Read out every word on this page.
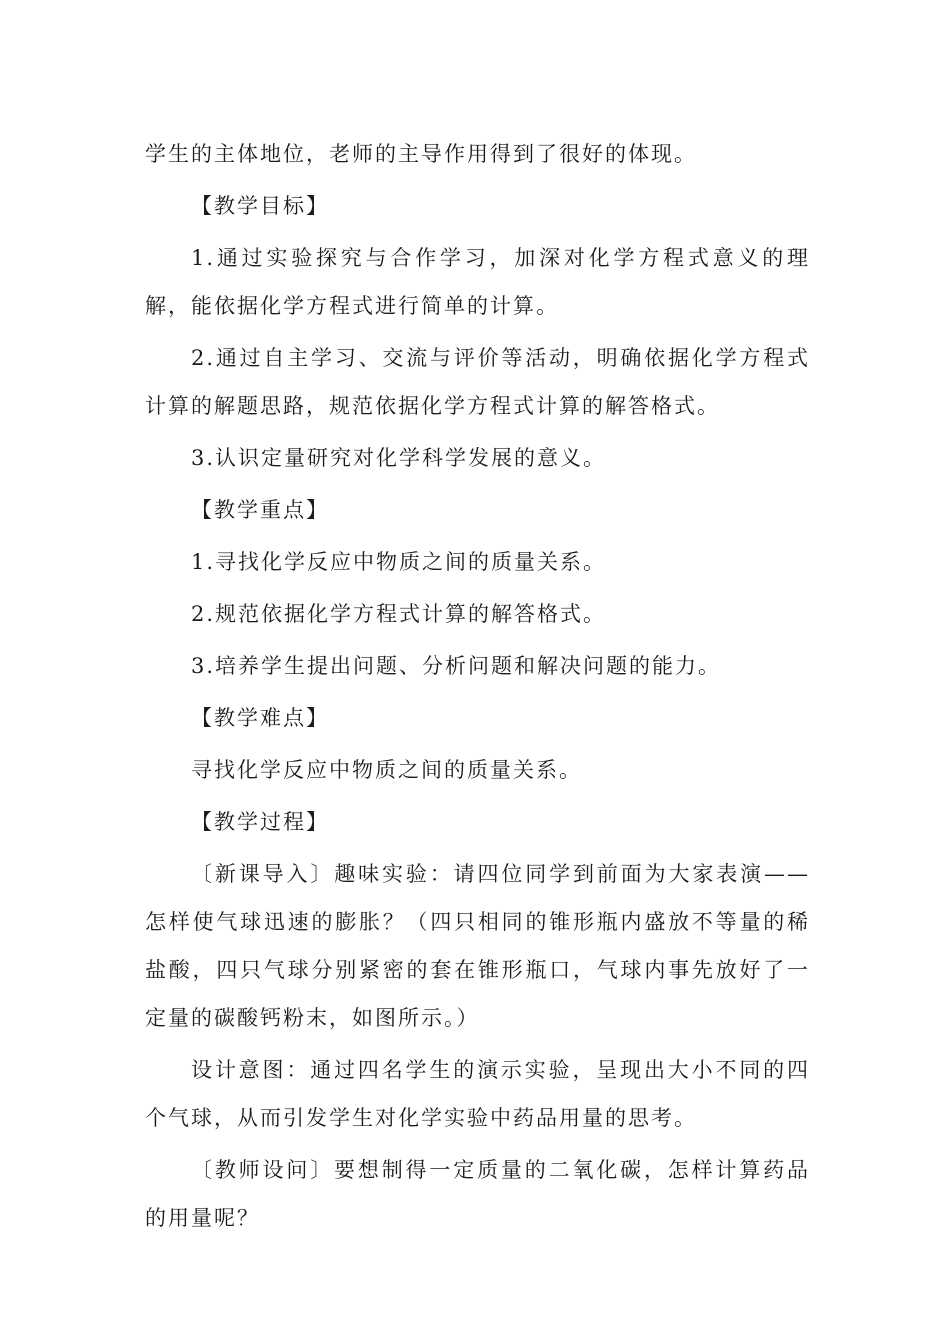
学生的主体地位，老师的主导作用得到了很好的体现。

【教学目标】

1.通过实验探究与合作学习，加深对化学方程式意义的理解，能依据化学方程式进行简单的计算。

2.通过自主学习、交流与评价等活动，明确依据化学方程式计算的解题思路，规范依据化学方程式计算的解答格式。

3.认识定量研究对化学科学发展的意义。

【教学重点】

1.寻找化学反应中物质之间的质量关系。

2.规范依据化学方程式计算的解答格式。

3.培养学生提出问题、分析问题和解决问题的能力。

【教学难点】

寻找化学反应中物质之间的质量关系。

【教学过程】

〔新课导入〕趣味实验：请四位同学到前面为大家表演——怎样使气球迅速的膨胀？（四只相同的锥形瓶内盛放不等量的稀盐酸，四只气球分别紧密的套在锥形瓶口，气球内事先放好了一定量的碳酸钙粉末，如图所示。）

设计意图：通过四名学生的演示实验，呈现出大小不同的四个气球，从而引发学生对化学实验中药品用量的思考。

〔教师设问〕要想制得一定质量的二氧化碳，怎样计算药品的用量呢？
